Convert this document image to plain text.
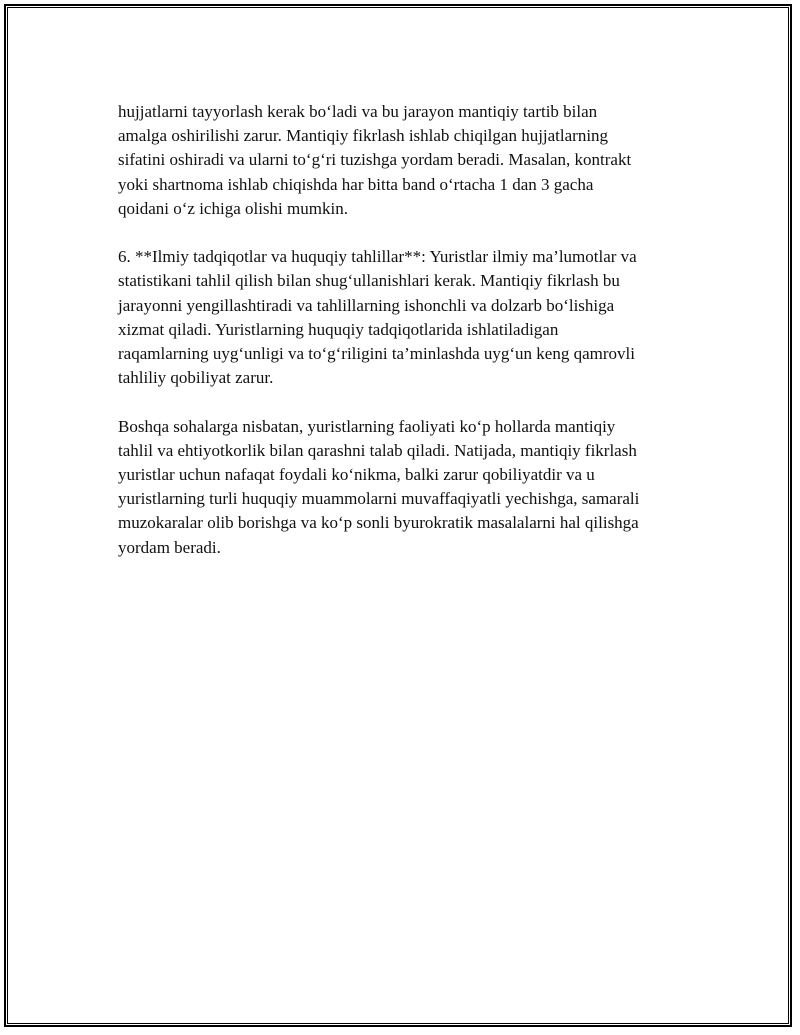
hujjatlarni tayyorlash kerak bo‘ladi va bu jarayon mantiqiy tartib bilan
amalga oshirilishi zarur. Mantiqiy fikrlash ishlab chiqilgan hujjatlarning
sifatini oshiradi va ularni to‘g‘ri tuzishga yordam beradi. Masalan, kontrakt
yoki shartnoma ishlab chiqishda har bitta band o‘rtacha 1 dan 3 gacha
qoidani o‘z ichiga olishi mumkin.

6. **Ilmiy tadqiqotlar va huquqiy tahlillar**: Yuristlar ilmiy ma’lumotlar va
statistikani tahlil qilish bilan shug‘ullanishlari kerak. Mantiqiy fikrlash bu
jarayonni yengillashtiradi va tahlillarning ishonchli va dolzarb bo‘lishiga
xizmat qiladi. Yuristlarning huquqiy tadqiqotlarida ishlatiladigan
raqamlarning uyg‘unligi va to‘g‘riligini ta’minlashda uyg‘un keng qamrovli
tahliliy qobiliyat zarur.

Boshqa sohalarga nisbatan, yuristlarning faoliyati ko‘p hollarda mantiqiy
tahlil va ehtiyotkorlik bilan qarashni talab qiladi. Natijada, mantiqiy fikrlash
yuristlar uchun nafaqat foydali ko‘nikma, balki zarur qobiliyatdir va u
yuristlarning turli huquqiy muammolarni muvaffaqiyatli yechishga, samarali
muzokaralar olib borishga va ko‘p sonli byurokratik masalalarni hal qilishga
yordam beradi.
